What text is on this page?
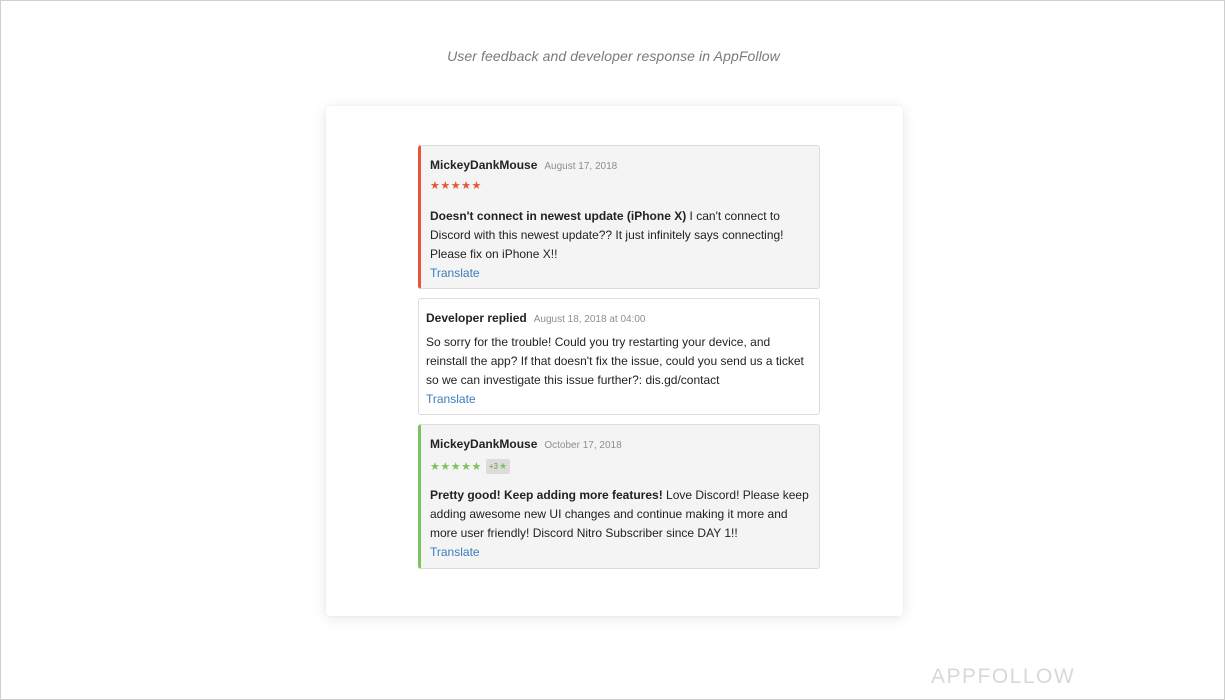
User feedback and developer response in AppFollow
MickeyDankMouse August 17, 2018
★★★★★
Doesn't connect in newest update (iPhone X) I can't connect to Discord with this newest update?? It just infinitely says connecting! Please fix on iPhone X!!
Translate
Developer replied August 18, 2018 at 04:00
So sorry for the trouble! Could you try restarting your device, and reinstall the app? If that doesn't fix the issue, could you send us a ticket so we can investigate this issue further?: dis.gd/contact
Translate
MickeyDankMouse October 17, 2018
★★★★★ +3 ★
Pretty good! Keep adding more features! Love Discord! Please keep adding awesome new UI changes and continue making it more and more user friendly! Discord Nitro Subscriber since DAY 1!!
Translate
APPFOLLOW
